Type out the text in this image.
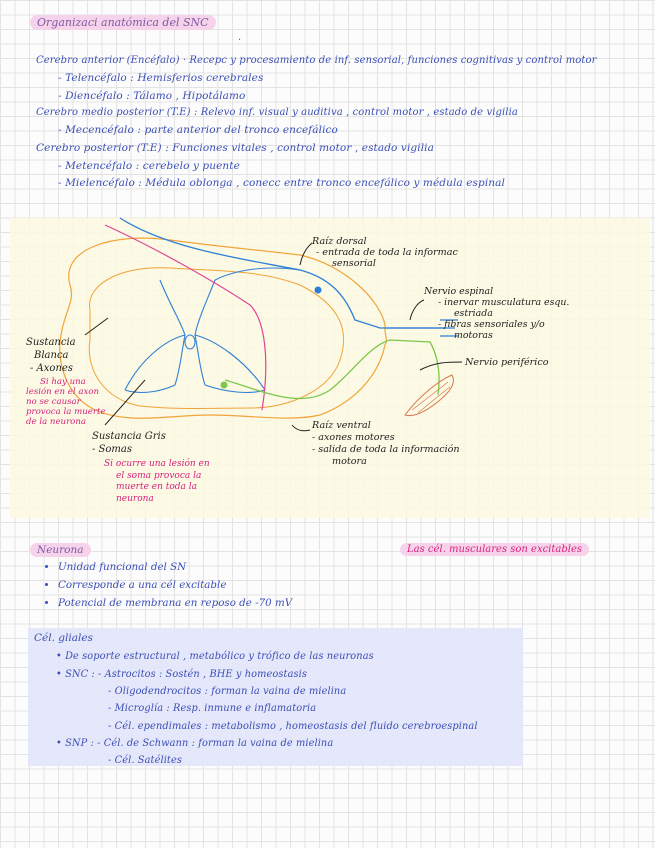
Organizaci anatómica del SNC
.
Cerebro anterior (Encéfalo) · Recepc y procesamiento de inf. sensorial, funciones cognitivas y control motor
- Telencéfalo : Hemisferios cerebrales
- Diencéfalo : Tálamo , Hipotálamo
Cerebro medio posterior (T.E) : Relevo inf. visual y auditiva , control motor , estado de vigilia
- Mecencéfalo : parte anterior del tronco encefálico
Cerebro posterior (T.E) : Funciones vitales , control motor , estado vigilia
- Metencéfalo : cerebelo y puente
- Mielencéfalo : Médula oblonga , conecc entre tronco encefálico y médula espinal
Raíz dorsal
- entrada de toda la informac
sensorial
Nervio espinal
- inervar musculatura esqu.
estriada
- fibras sensoriales y/o
motoras
Nervio periférico
Sustancia
Blanca
- Axones
Si hay una
lesión en el axon
no se causar
provoca la muerte
de la neurona
Sustancia Gris
- Somas
Si ocurre una lesión en
el soma provoca la
muerte en toda la
neurona
Raíz ventral
- axones motores
- salida de toda la información
motora
Neurona	Las cél. musculares son excitables
• Unidad funcional del SN
• Corresponde a una cél excitable
• Potencial de membrana en reposo de -70 mV
Cél. gliales
• De soporte estructural , metabólico y trófico de las neuronas
• SNC : - Astrocitos : Sostén , BHE y homeostasis
- Oligodendrocitos : forman la vaina de mielina
- Microglía : Resp. inmune e inflamatoria
- Cél. ependimales : metabolismo , homeostasis del fluido cerebroespinal
• SNP : - Cél. de Schwann : forman la vaina de mielina
- Cél. Satélites
